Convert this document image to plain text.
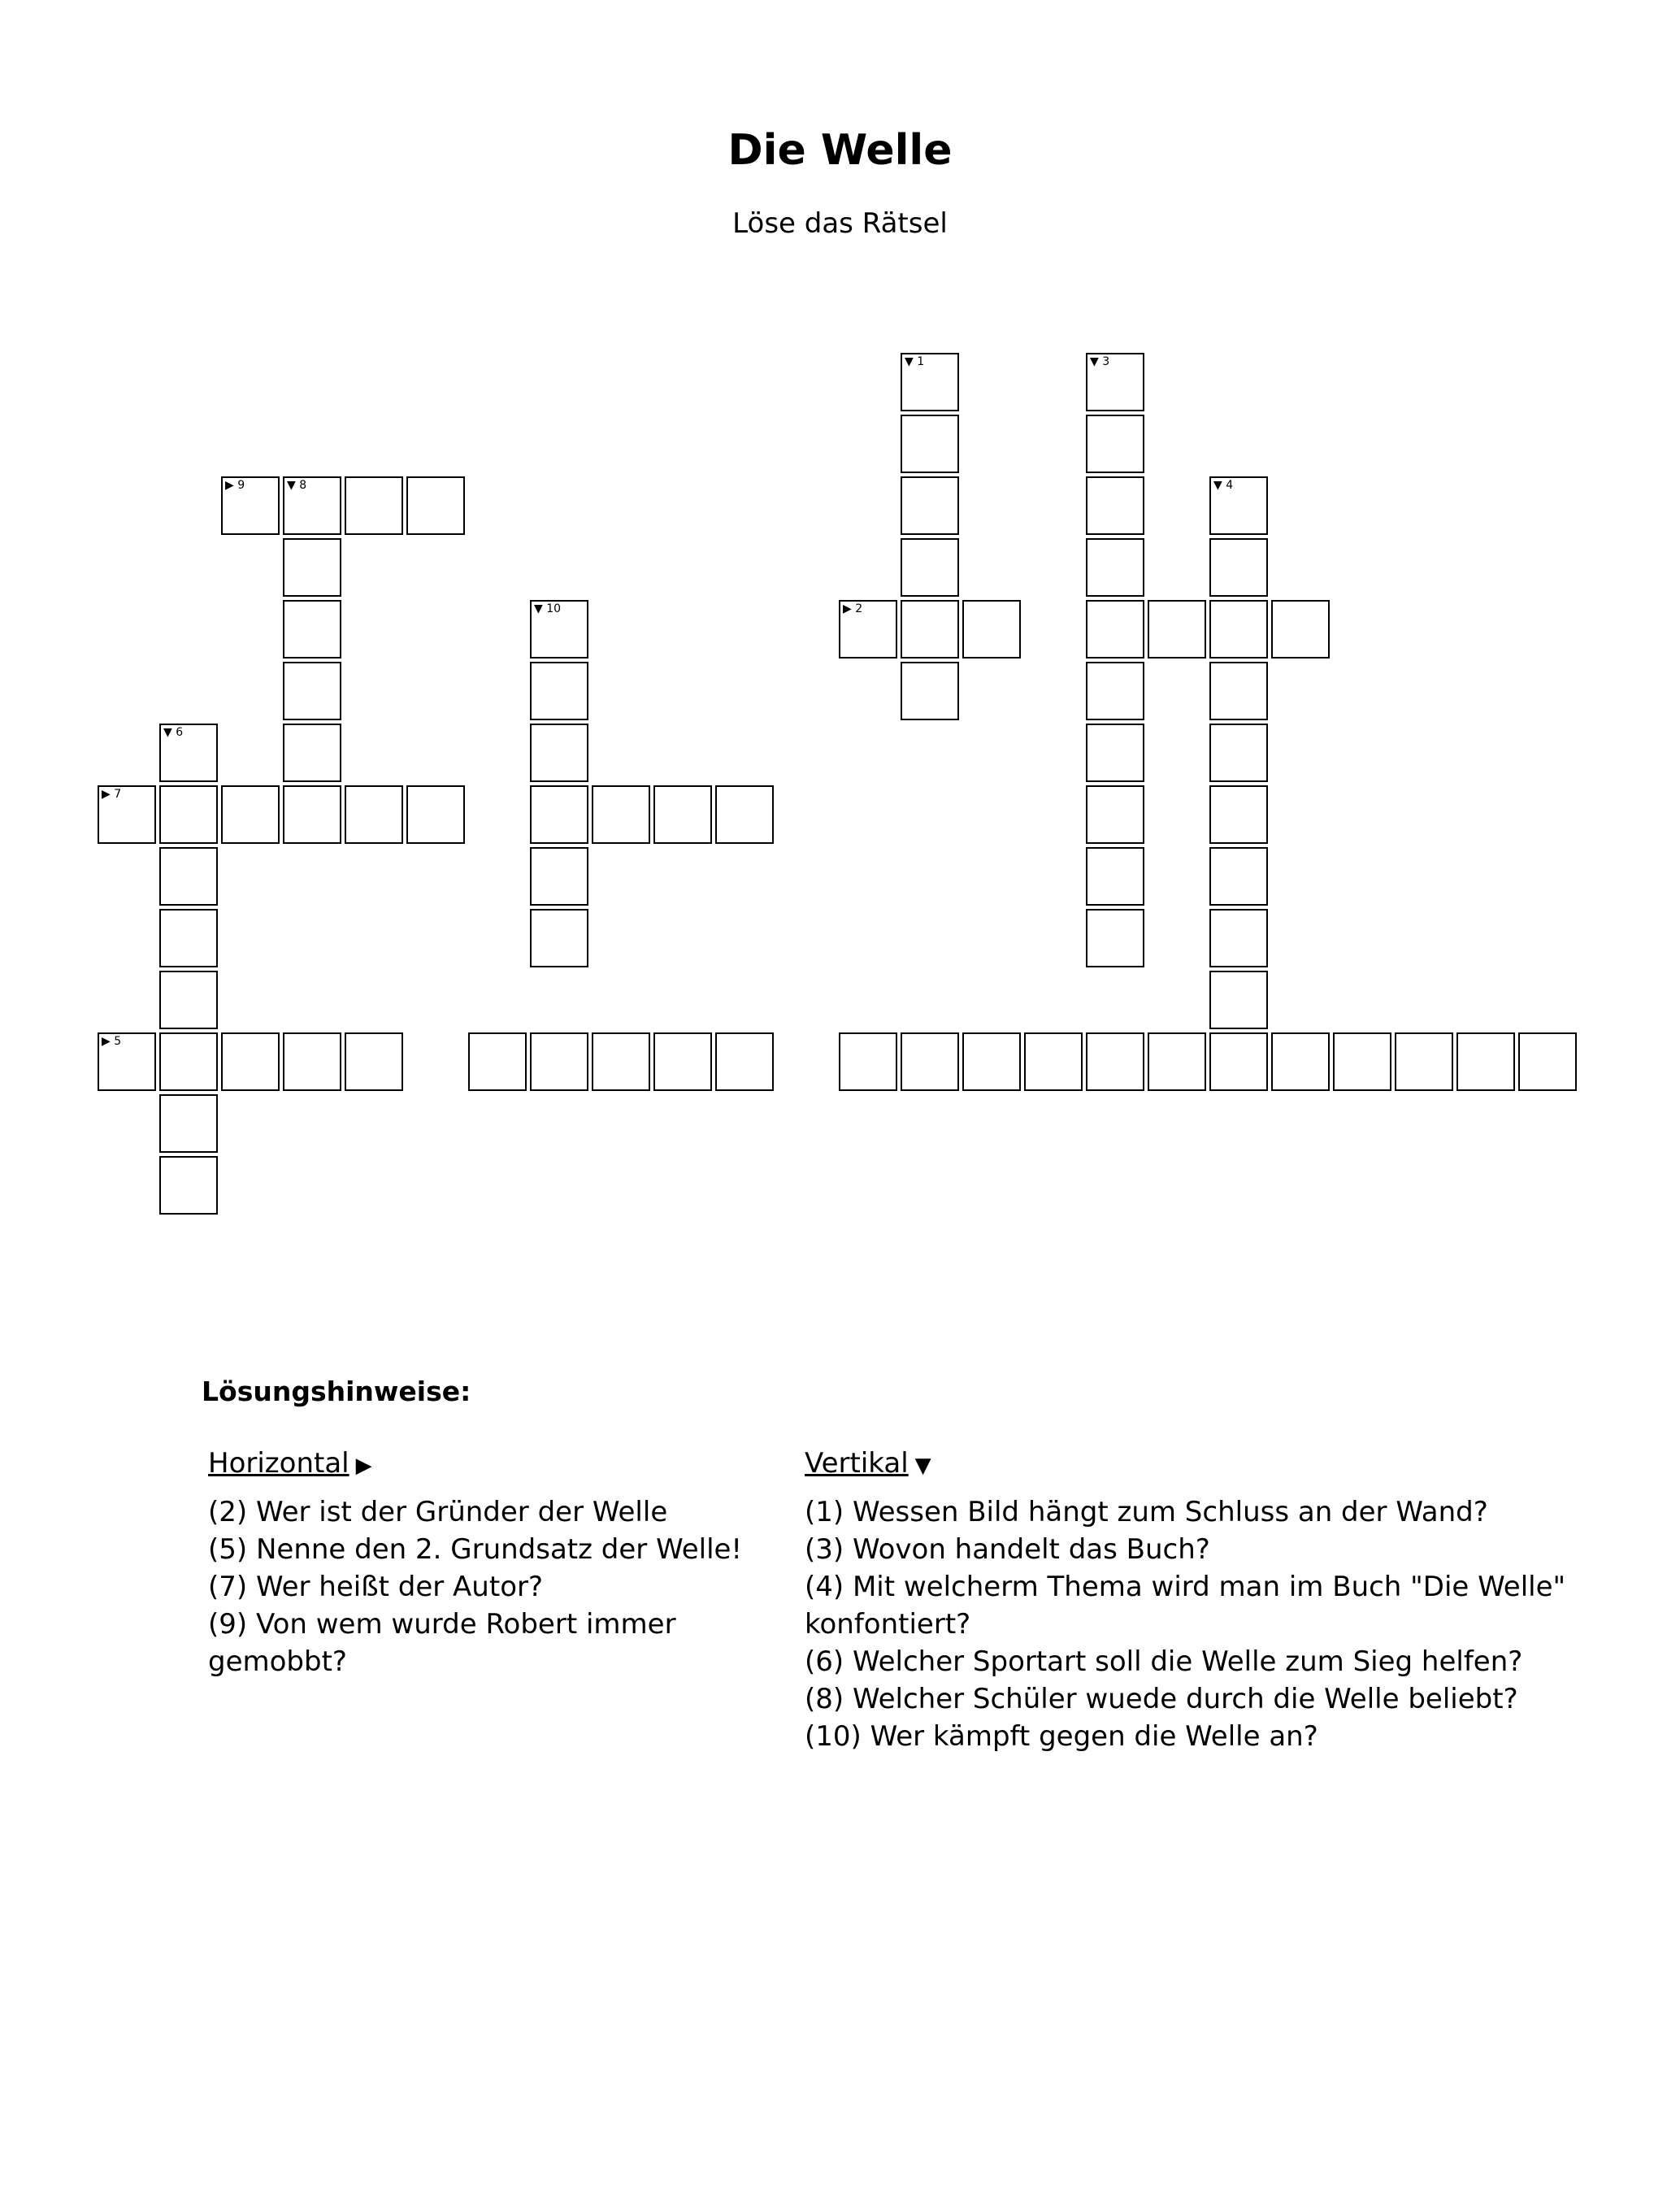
Die Welle
Löse das Rätsel
▼ 1	▼ 3
▼ 4
▶ 2
▶ 9	▼ 8
▼ 10
▼ 6
▶ 7
▶ 5
Lösungshinweise:
Horizontal ▶
(2) Wer ist der Gründer der Welle
(5) Nenne den 2. Grundsatz der Welle!
(7) Wer heißt der Autor?
(9) Von wem wurde Robert immer gemobbt?
Vertikal ▼
(1) Wessen Bild hängt zum Schluss an der Wand?
(3) Wovon handelt das Buch?
(4) Mit welcherm Thema wird man im Buch "Die Welle" konfontiert?
(6) Welcher Sportart soll die Welle zum Sieg helfen?
(8) Welcher Schüler wuede durch die Welle beliebt?
(10) Wer kämpft gegen die Welle an?
